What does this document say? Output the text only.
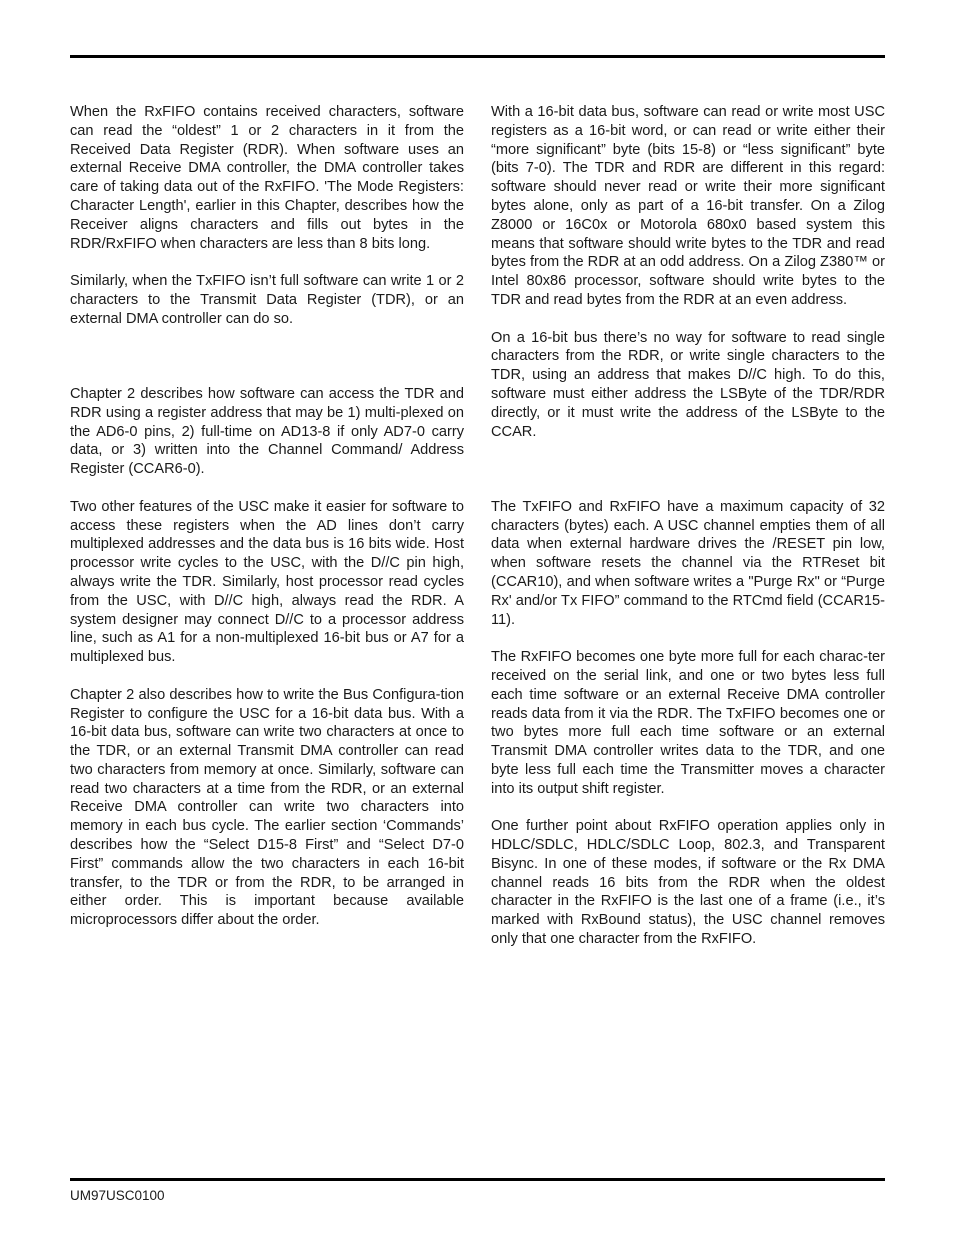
When the RxFIFO contains received characters, software can read the “oldest” 1 or 2 characters in it from the Received Data Register (RDR). When software uses an external Receive DMA controller, the DMA controller takes care of taking data out of the RxFIFO. 'The Mode Registers: Character Length', earlier in this Chapter, describes how the Receiver aligns characters and fills out bytes in the RDR/RxFIFO when characters are less than 8 bits long.

Similarly, when the TxFIFO isn’t full software can write 1 or 2 characters to the Transmit Data Register (TDR), or an external DMA controller can do so.

Chapter 2 describes how software can access the TDR and RDR using a register address that may be 1) multi-plexed on the AD6-0 pins, 2) full-time on AD13-8 if only AD7-0 carry data, or 3) written into the Channel Command/ Address Register (CCAR6-0).

Two other features of the USC make it easier for software to access these registers when the AD lines don’t carry multiplexed addresses and the data bus is 16 bits wide. Host processor write cycles to the USC, with the D//C pin high, always write the TDR. Similarly, host processor read cycles from the USC, with D//C high, always read the RDR. A system designer may connect D//C to a processor address line, such as A1 for a non-multiplexed 16-bit bus or A7 for a multiplexed bus.

Chapter 2 also describes how to write the Bus Configura-tion Register to configure the USC for a 16-bit data bus. With a 16-bit data bus, software can write two characters at once to the TDR, or an external Transmit DMA controller can read two characters from memory at once. Similarly, software can read two characters at a time from the RDR, or an external Receive DMA controller can write two characters into memory in each bus cycle. The earlier section ‘Commands’ describes how the “Select D15-8 First” and “Select D7-0 First” commands allow the two characters in each 16-bit transfer, to the TDR or from the RDR, to be arranged in either order. This is important because available microprocessors differ about the order.

With a 16-bit data bus, software can read or write most USC registers as a 16-bit word, or can read or write either their “more significant” byte (bits 15-8) or “less significant” byte (bits 7-0). The TDR and RDR are different in this regard: software should never read or write their more significant bytes alone, only as part of a 16-bit transfer. On a Zilog Z8000 or 16C0x or Motorola 680x0 based system this means that software should write bytes to the TDR and read bytes from the RDR at an odd address. On a Zilog Z380™ or Intel 80x86 processor, software should write bytes to the TDR and read bytes from the RDR at an even address.

On a 16-bit bus there’s no way for software to read single characters from the RDR, or write single characters to the TDR, using an address that makes D//C high. To do this, software must either address the LSByte of the TDR/RDR directly, or it must write the address of the LSByte to the CCAR.

The TxFIFO and RxFIFO have a maximum capacity of 32 characters (bytes) each. A USC channel empties them of all data when external hardware drives the /RESET pin low, when software resets the channel via the RTReset bit (CCAR10), and when software writes a "Purge Rx" or “Purge Rx' and/or Tx FIFO” command to the RTCmd field (CCAR15-11).

The RxFIFO becomes one byte more full for each charac-ter received on the serial link, and one or two bytes less full each time software or an external Receive DMA controller reads data from it via the RDR. The TxFIFO becomes one or two bytes more full each time software or an external Transmit DMA controller writes data to the TDR, and one byte less full each time the Transmitter moves a character into its output shift register.

One further point about RxFIFO operation applies only in HDLC/SDLC, HDLC/SDLC Loop, 802.3, and Transparent Bisync. In one of these modes, if software or the Rx DMA channel reads 16 bits from the RDR when the oldest character in the RxFIFO is the last one of a frame (i.e., it’s marked with RxBound status), the USC channel removes only that one character from the RxFIFO.

UM97USC0100
